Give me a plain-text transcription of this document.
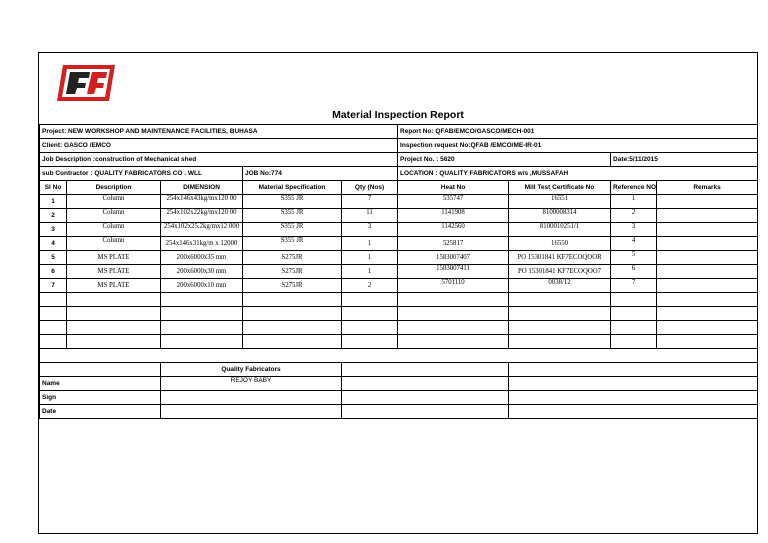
Material Inspection Report
Project: NEW WORKSHOP AND MAINTENANCE FACILITIES, BUHASA					Report No: QFAB/EMCO/GASCO/MECH-001			
Client: GASCO /EMCO					Inspection request No:QFAB /EMCO/ME-IR-01			
Job Description :construction of Mechanical shed					Project No. : 5620		Date:5/11/2015	
sub Contractor : QUALITY FABRICATORS CO . WLL			JOB No:774		LOCATION : QUALITY FABRICATORS w/s ,MUSSAFAH			
Sl No	Description	DIMENSION	Material Specification	Qty (Nos)	Heat No	Mill Test Certificate No	Reference NO	Remarks
1	Column	254x146x43kg/mx120 00	S355 JR	7	535747	16551	1	
2	Column	254x102x22kg/mx120 00	S355 JR	11	1141908	8100008314	2	
3	Column	254x102x25.2kg/mx12 000	S355 JR	3	1142560	8100010251/1	3	
4	Column	254x146x31kg/m x 12000	S355 JR	1	525817	16550	4	
5	MS PLATE	200x6000x35 mm	S275JR	1	1583007407	PO 15301841 KF7ECOQOOR	5	
6	MS PLATE	200x6000x30 mm	S275JR	1	1583007411	PO 15301841 KF7ECOQOO7	6	
7	MS PLATE	200x6000x10 mm	S275JR	2	5701110	0038/12	7	

		Quality Fabricators						
Name		REJOY BABY						
Sign								
Date								
